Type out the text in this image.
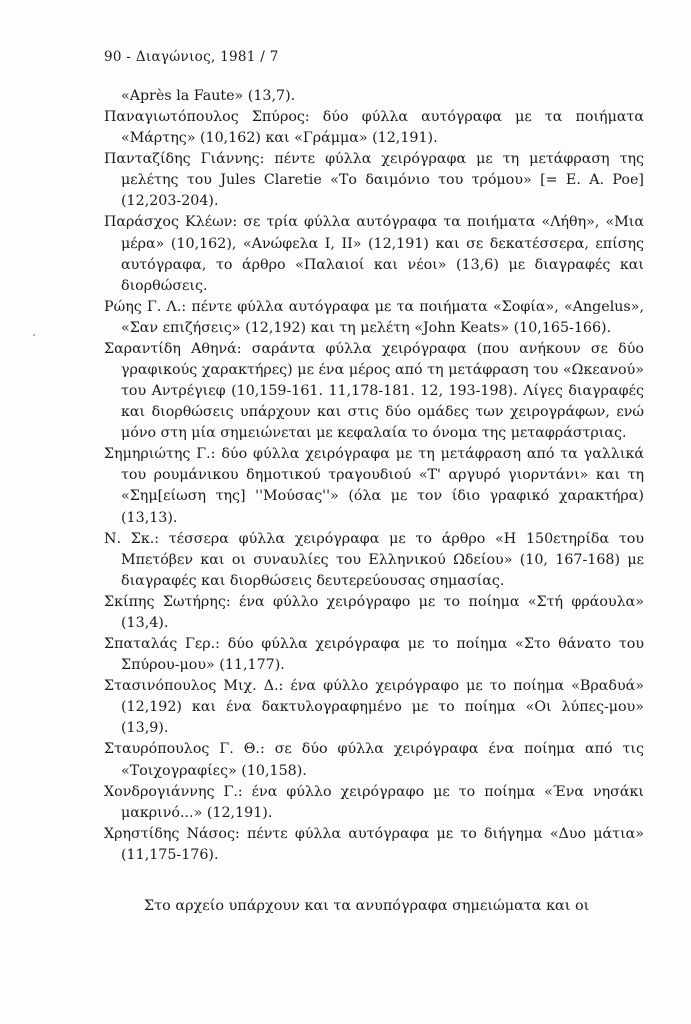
90 - Διαγώνιος, 1981 / 7

«Après la Faute» (13,7).

Παναγιωτόπουλος Σπύρος: δύο φύλλα αυτόγραφα με τα ποιήματα «Μάρτης» (10,162) και «Γράμμα» (12,191).

Πανταζίδης Γιάννης: πέντε φύλλα χειρόγραφα με τη μετάφραση της μελέτης του Jules Claretie «Το δαιμόνιο του τρόμου» [= E. A. Poe] (12,203-204).

Παράσχος Κλέων: σε τρία φύλλα αυτόγραφα τα ποιήματα «Λήθη», «Μια μέρα» (10,162), «Ανώφελα Ι, ΙΙ» (12,191) και σε δεκατέσσερα, επίσης αυτόγραφα, το άρθρο «Παλαιοί και νέοι» (13,6) με διαγραφές και διορθώσεις.

Ρώης Γ. Λ.: πέντε φύλλα αυτόγραφα με τα ποιήματα «Σοφία», «Angelus», «Σαν επιζήσεις» (12,192) και τη μελέτη «John Keats» (10,165-166).

Σαραντίδη Αθηνά: σαράντα φύλλα χειρόγραφα (που ανήκουν σε δύο γραφικούς χαρακτήρες) με ένα μέρος από τη μετάφραση του «Ωκεανού» του Αντρέγιεφ (10,159-161. 11,178-181. 12, 193-198). Λίγες διαγραφές και διορθώσεις υπάρχουν και στις δύο ομάδες των χειρογράφων, ενώ μόνο στη μία σημειώνεται με κεφαλαία το όνομα της μεταφράστριας.

Σημηριώτης Γ.: δύο φύλλα χειρόγραφα με τη μετάφραση από τα γαλλικά του ρουμάνικου δημοτικού τραγουδιού «Τ' αργυρό γιορντάνι» και τη «Σημ[είωση της] ''Μούσας''» (όλα με τον ίδιο γραφικό χαρακτήρα) (13,13).

Ν. Σκ.: τέσσερα φύλλα χειρόγραφα με το άρθρο «Η 150ετηρίδα του Μπετόβεν και οι συναυλίες του Ελληνικού Ωδείου» (10, 167-168) με διαγραφές και διορθώσεις δευτερεύουσας σημασίας.

Σκίπης Σωτήρης: ένα φύλλο χειρόγραφο με το ποίημα «Στή φράουλα» (13,4).

Σπαταλάς Γερ.: δύο φύλλα χειρόγραφα με το ποίημα «Στο θάνατο του Σπύρου-μου» (11,177).

Στασινόπουλος Μιχ. Δ.: ένα φύλλο χειρόγραφο με το ποίημα «Βραδυά» (12,192) και ένα δακτυλογραφημένο με το ποίημα «Οι λύπες-μου» (13,9).

Σταυρόπουλος Γ. Θ.: σε δύο φύλλα χειρόγραφα ένα ποίημα από τις «Τοιχογραφίες» (10,158).

Χονδρογιάννης Γ.: ένα φύλλο χειρόγραφο με το ποίημα «Ένα νησάκι μακρινό...» (12,191).

Χρηστίδης Νάσος: πέντε φύλλα αυτόγραφα με το διήγημα «Δυο μάτια» (11,175-176).

Στο αρχείο υπάρχουν και τα ανυπόγραφα σημειώματα και οι
